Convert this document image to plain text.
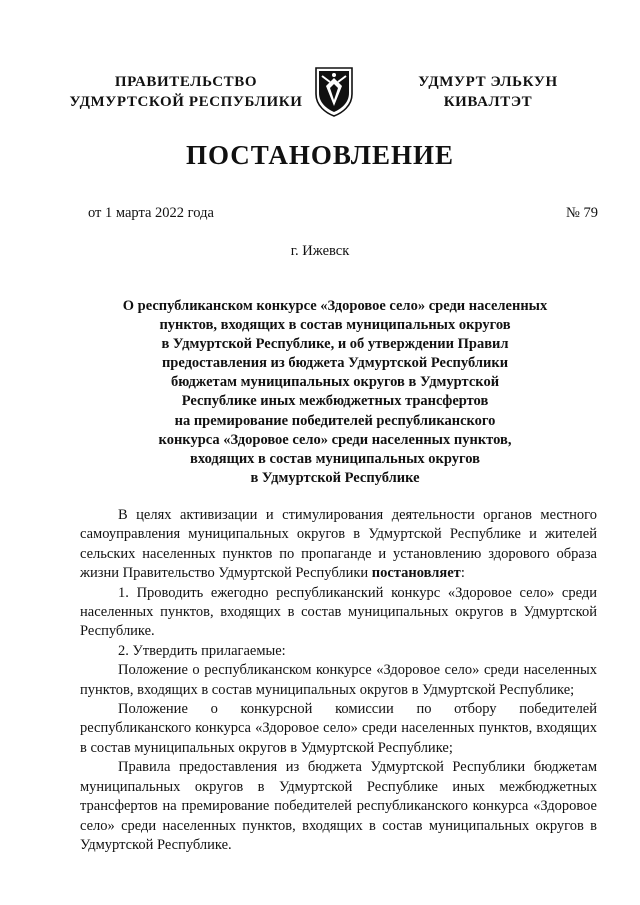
ПРАВИТЕЛЬСТВО
УДМУРТСКОЙ РЕСПУБЛИКИ
УДМУРТ ЭЛЬКУН
КИВАЛТЭТ
ПОСТАНОВЛЕНИЕ
от 1 марта 2022 года	№ 79
г. Ижевск
О республиканском конкурсе «Здоровое село» среди населенных
пунктов, входящих в состав муниципальных округов
в Удмуртской Республике, и об утверждении Правил
предоставления из бюджета Удмуртской Республики
бюджетам муниципальных округов в Удмуртской
Республике иных межбюджетных трансфертов
на премирование победителей республиканского
конкурса «Здоровое село» среди населенных пунктов,
входящих в состав муниципальных округов
в Удмуртской Республике

В целях активизации и стимулирования деятельности органов местного самоуправления муниципальных округов в Удмуртской Республике и жителей сельских населенных пунктов по пропаганде и установлению здорового образа жизни Правительство Удмуртской Республики постановляет:

1. Проводить ежегодно республиканский конкурс «Здоровое село» среди населенных пунктов, входящих в состав муниципальных округов в Удмуртской Республике.

2. Утвердить прилагаемые:

Положение о республиканском конкурсе «Здоровое село» среди населенных пунктов, входящих в состав муниципальных округов в Удмуртской Республике;

Положение о конкурсной комиссии по отбору победителей республиканского конкурса «Здоровое село» среди населенных пунктов, входящих в состав муниципальных округов в Удмуртской Республике;

Правила предоставления из бюджета Удмуртской Республики бюджетам муниципальных округов в Удмуртской Республике иных межбюджетных трансфертов на премирование победителей республиканского конкурса «Здоровое село» среди населенных пунктов, входящих в состав муниципальных округов в Удмуртской Республике.
